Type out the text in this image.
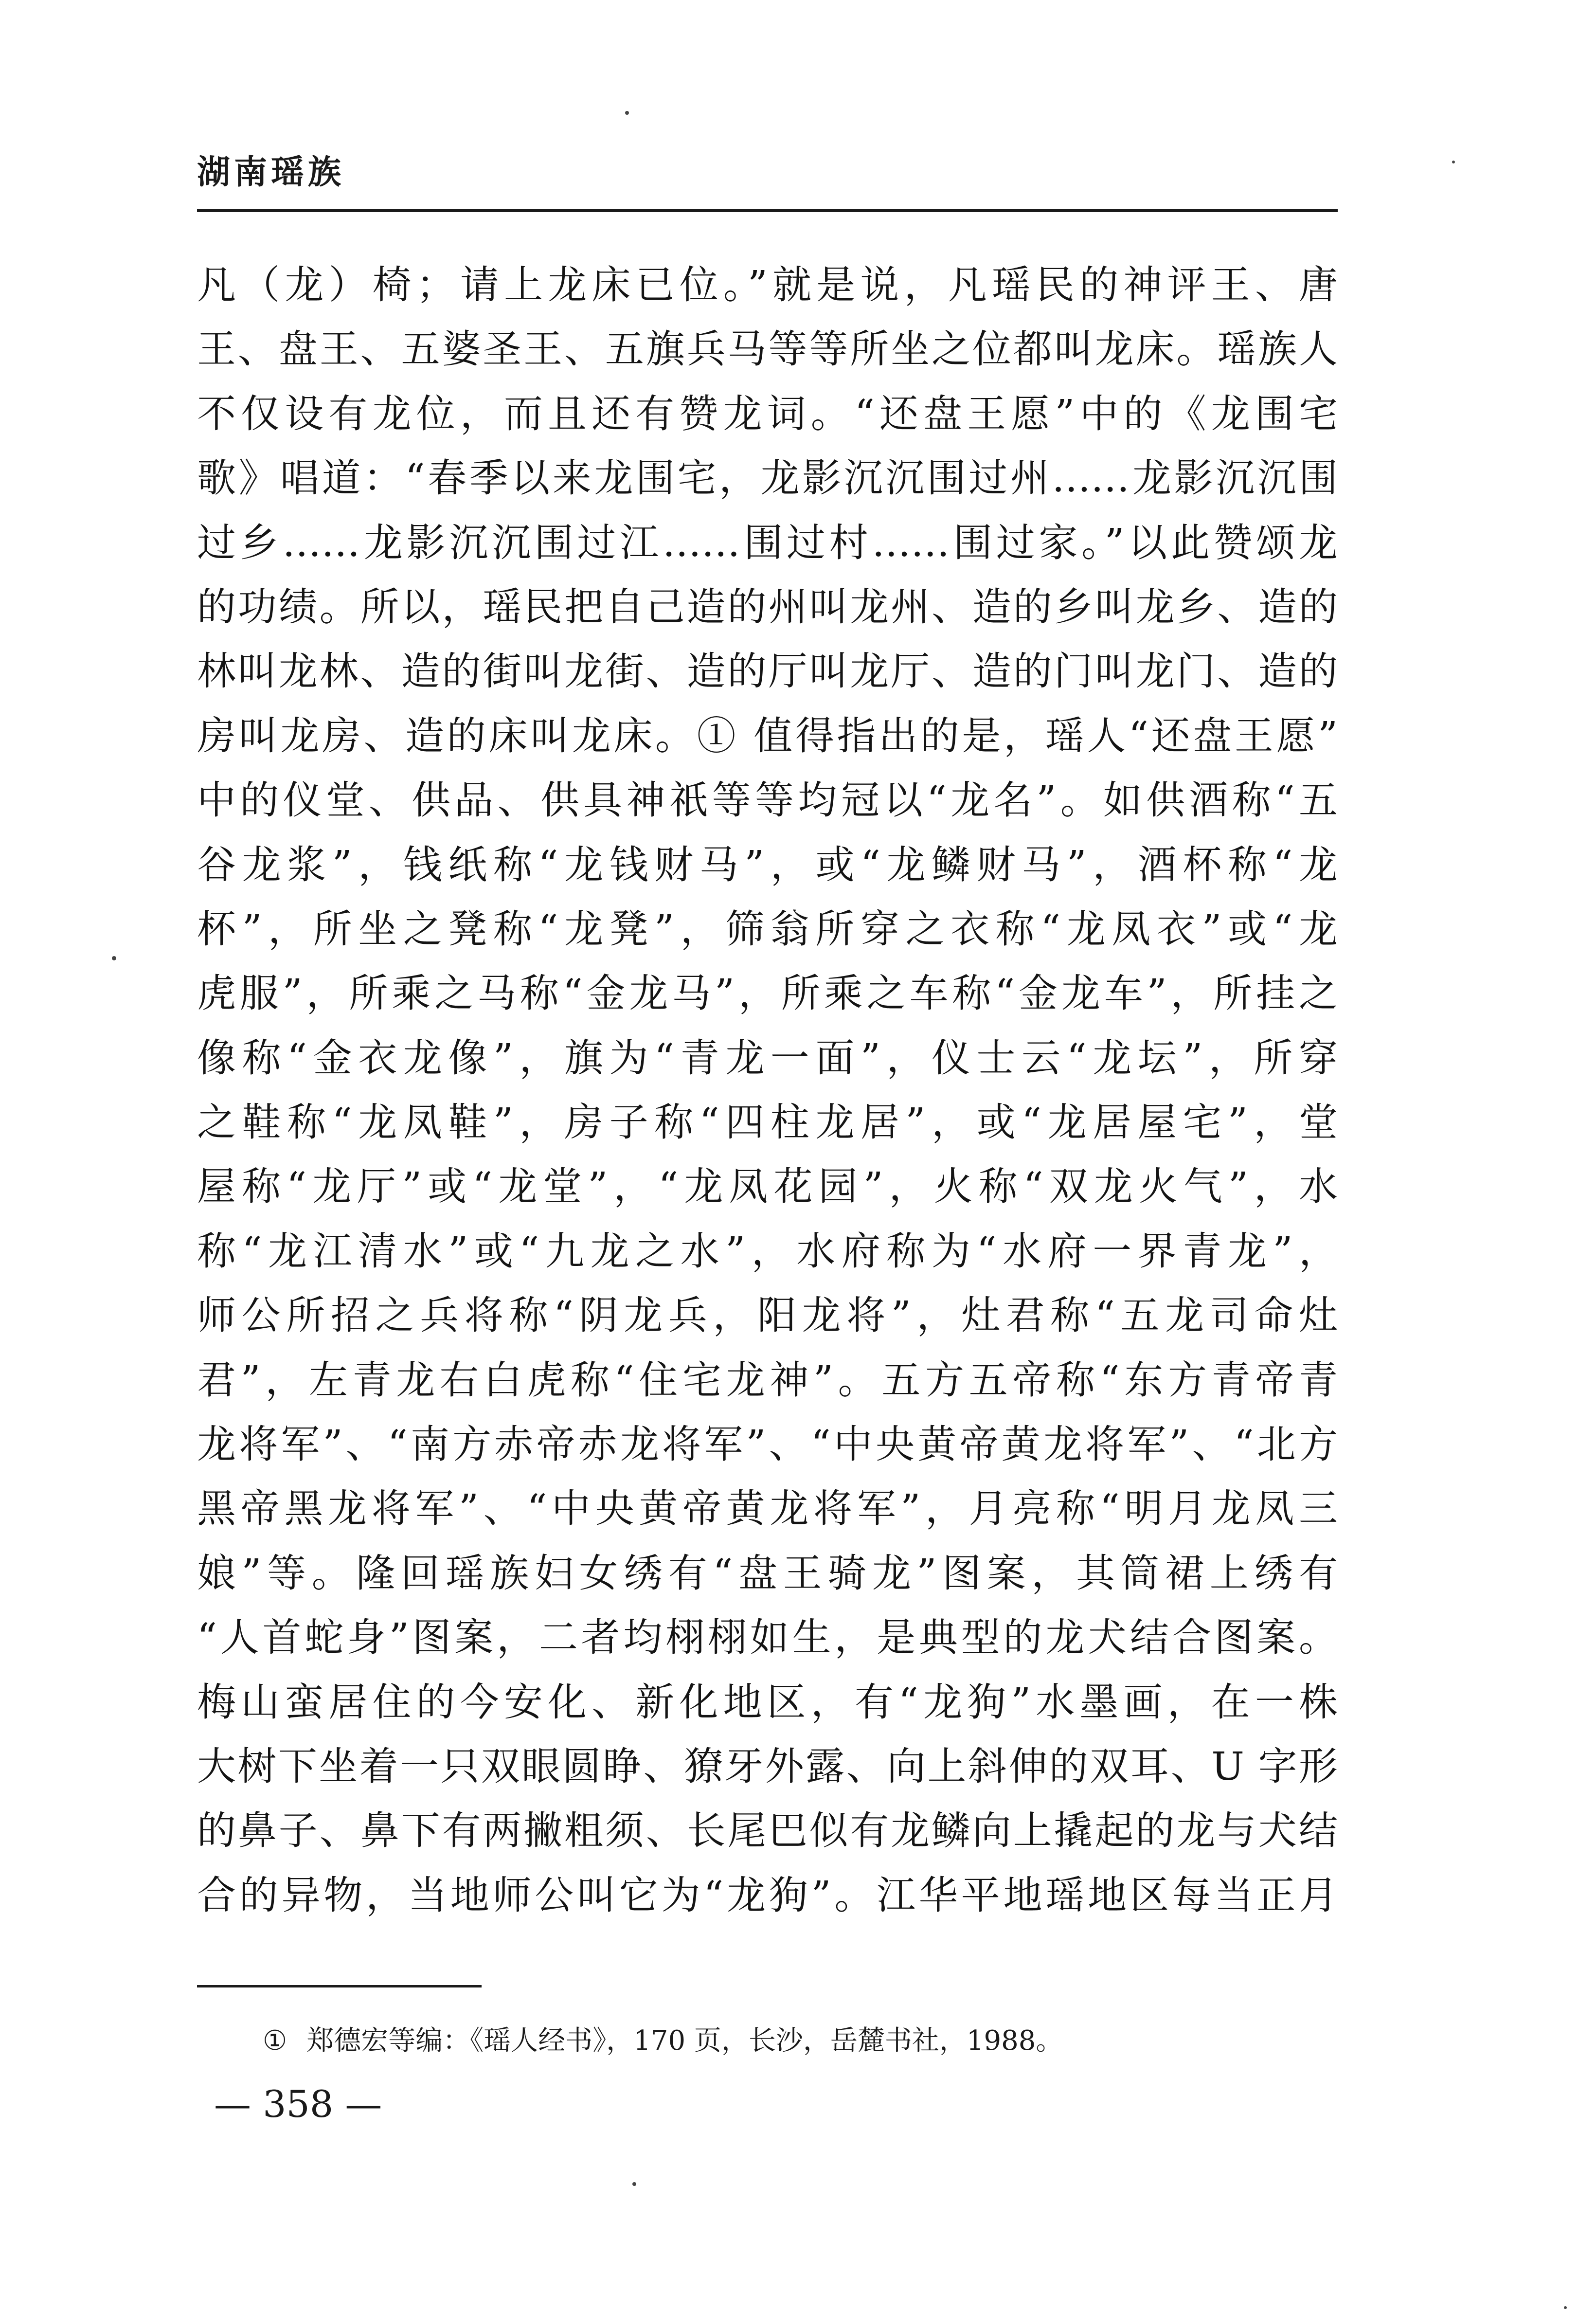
湖南瑶族
凡（龙）椅；请上龙床已位。”就是说，凡瑶民的神评王、唐
王、盘王、五婆圣王、五旗兵马等等所坐之位都叫龙床。瑶族人
不仅设有龙位，而且还有赞龙词。“还盘王愿”中的《龙围宅
歌》唱道：“春季以来龙围宅，龙影沉沉围过州……龙影沉沉围
过乡……龙影沉沉围过江……围过村……围过家。”以此赞颂龙
的功绩。所以，瑶民把自己造的州叫龙州、造的乡叫龙乡、造的
林叫龙林、造的街叫龙街、造的厅叫龙厅、造的门叫龙门、造的
房叫龙房、造的床叫龙床。① 值得指出的是，瑶人“还盘王愿”
中的仪堂、供品、供具神祇等等均冠以“龙名”。如供酒称“五
谷龙浆”，钱纸称“龙钱财马”，或“龙鳞财马”，酒杯称“龙
杯”，所坐之凳称“龙凳”，筛翁所穿之衣称“龙凤衣”或“龙
虎服”，所乘之马称“金龙马”，所乘之车称“金龙车”，所挂之
像称“金衣龙像”，旗为“青龙一面”，仪士云“龙坛”，所穿
之鞋称“龙凤鞋”，房子称“四柱龙居”，或“龙居屋宅”，堂
屋称“龙厅”或“龙堂”，“龙凤花园”，火称“双龙火气”，水
称“龙江清水”或“九龙之水”，水府称为“水府一界青龙”，
师公所招之兵将称“阴龙兵，阳龙将”，灶君称“五龙司命灶
君”，左青龙右白虎称“住宅龙神”。五方五帝称“东方青帝青
龙将军”、“南方赤帝赤龙将军”、“中央黄帝黄龙将军”、“北方
黑帝黑龙将军”、“中央黄帝黄龙将军”，月亮称“明月龙凤三
娘”等。隆回瑶族妇女绣有“盘王骑龙”图案，其筒裙上绣有
“人首蛇身”图案，二者均栩栩如生，是典型的龙犬结合图案。
梅山蛮居住的今安化、新化地区，有“龙狗”水墨画，在一株
大树下坐着一只双眼圆睁、獠牙外露、向上斜伸的双耳、U 字形
的鼻子、鼻下有两撇粗须、长尾巴似有龙鳞向上撬起的龙与犬结
合的异物，当地师公叫它为“龙狗”。江华平地瑶地区每当正月
① 郑德宏等编：《瑶人经书》，170 页，长沙，岳麓书社，1988。
— 358 —
